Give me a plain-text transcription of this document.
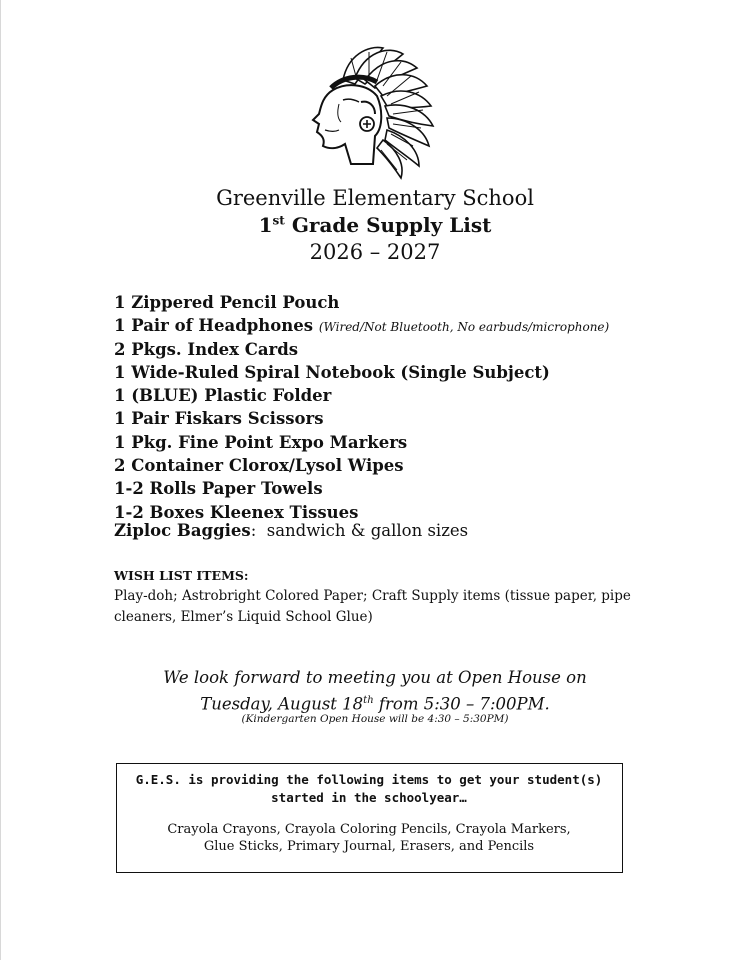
Greenville Elementary School
1st Grade Supply List
2026 – 2027
1 Zippered Pencil Pouch
1 Pair of Headphones (Wired/Not Bluetooth, No earbuds/microphone)
2 Pkgs. Index Cards
1 Wide-Ruled Spiral Notebook (Single Subject)
1 (BLUE) Plastic Folder
1 Pair Fiskars Scissors
1 Pkg. Fine Point Expo Markers
2 Container Clorox/Lysol Wipes
1-2 Rolls Paper Towels
1-2 Boxes Kleenex Tissues
Ziploc Baggies: sandwich & gallon sizes
WISH LIST ITEMS:
Play-doh; Astrobright Colored Paper; Craft Supply items (tissue paper, pipe cleaners, Elmer’s Liquid School Glue)
We look forward to meeting you at Open House on
Tuesday, August 18th from 5:30 – 7:00PM.
(Kindergarten Open House will be 4:30 – 5:30PM)
G.E.S. is providing the following items to get your student(s)
started in the schoolyear…
Crayola Crayons, Crayola Coloring Pencils, Crayola Markers,
Glue Sticks, Primary Journal, Erasers, and Pencils
